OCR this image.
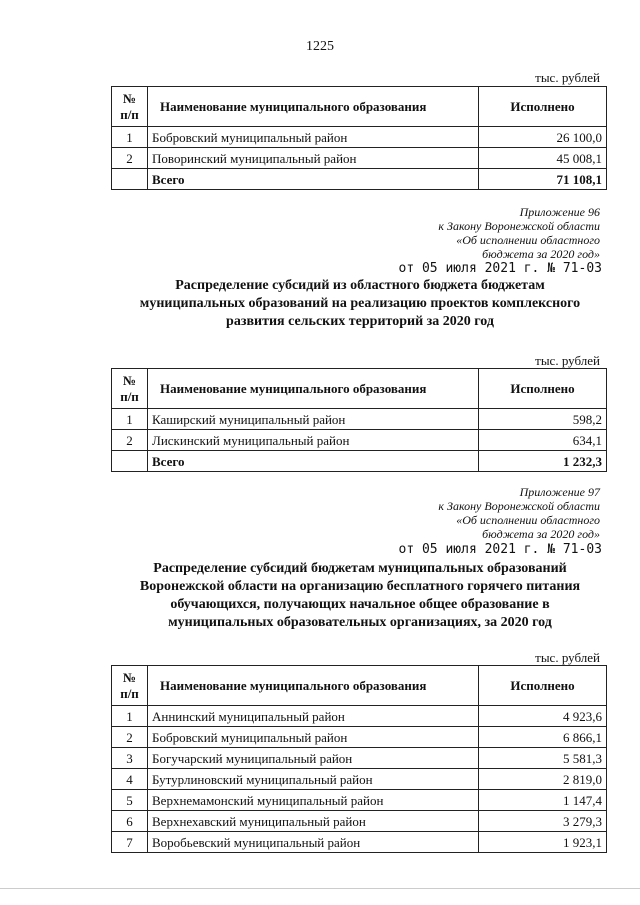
1225
тыс. рублей
№ п/п	Наименование муниципального образования	Исполнено
1	Бобровский муниципальный район	26 100,0
2	Поворинский муниципальный район	45 008,1
	Всего	71 108,1
Приложение 96
к Закону Воронежской области
«Об исполнении областного
бюджета за 2020 год»
от 05 июля 2021 г. № 71-03
Распределение субсидий из областного бюджета бюджетам
муниципальных образований на реализацию проектов комплексного
развития сельских территорий за 2020 год
тыс. рублей
№ п/п	Наименование муниципального образования	Исполнено
1	Каширский муниципальный район	598,2
2	Лискинский муниципальный район	634,1
	Всего	1 232,3
Приложение 97
к Закону Воронежской области
«Об исполнении областного
бюджета за 2020 год»
от 05 июля 2021 г. № 71-03
Распределение субсидий бюджетам муниципальных образований
Воронежской области на организацию бесплатного горячего питания
обучающихся, получающих начальное общее образование в
муниципальных образовательных организациях, за 2020 год
тыс. рублей
№ п/п	Наименование муниципального образования	Исполнено
1	Аннинский муниципальный район	4 923,6
2	Бобровский муниципальный район	6 866,1
3	Богучарский муниципальный район	5 581,3
4	Бутурлиновский муниципальный район	2 819,0
5	Верхнемамонский муниципальный район	1 147,4
6	Верхнехавский муниципальный район	3 279,3
7	Воробьевский муниципальный район	1 923,1
